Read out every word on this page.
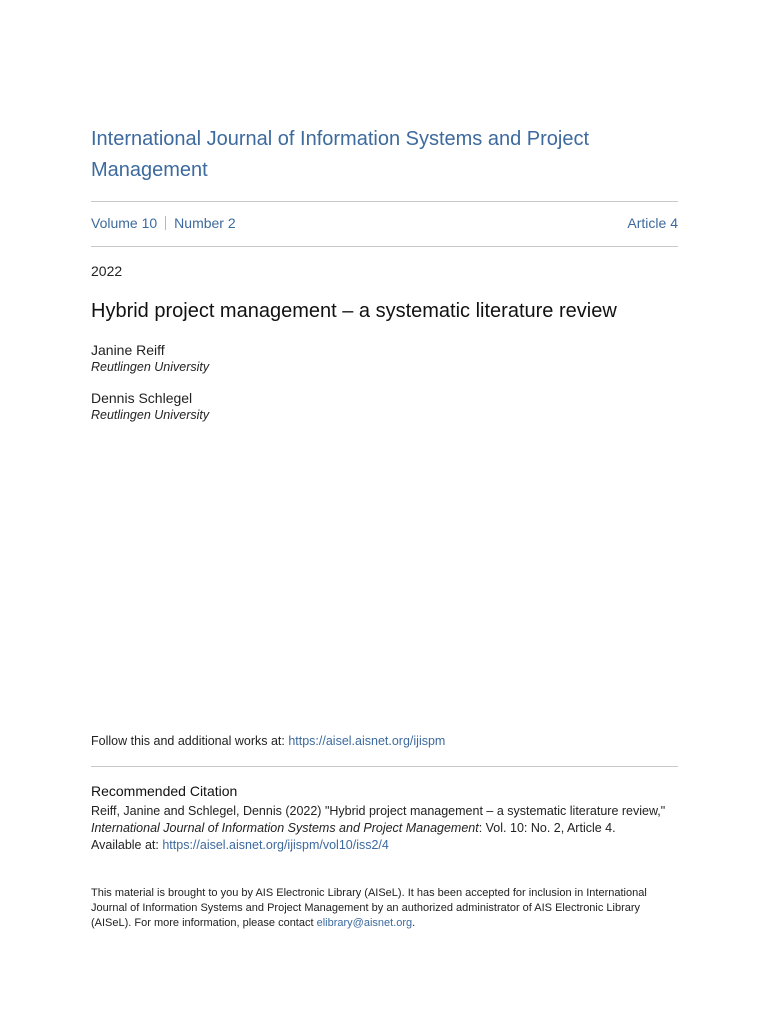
International Journal of Information Systems and Project Management
Volume 10 Number 2	Article 4
2022
Hybrid project management – a systematic literature review
Janine Reiff
Reutlingen University
Dennis Schlegel
Reutlingen University
Follow this and additional works at: https://aisel.aisnet.org/ijispm
Recommended Citation
Reiff, Janine and Schlegel, Dennis (2022) "Hybrid project management – a systematic literature review,"
International Journal of Information Systems and Project Management: Vol. 10: No. 2, Article 4.
Available at: https://aisel.aisnet.org/ijispm/vol10/iss2/4
This material is brought to you by AIS Electronic Library (AISeL). It has been accepted for inclusion in International
Journal of Information Systems and Project Management by an authorized administrator of AIS Electronic Library
(AISeL). For more information, please contact elibrary@aisnet.org.
